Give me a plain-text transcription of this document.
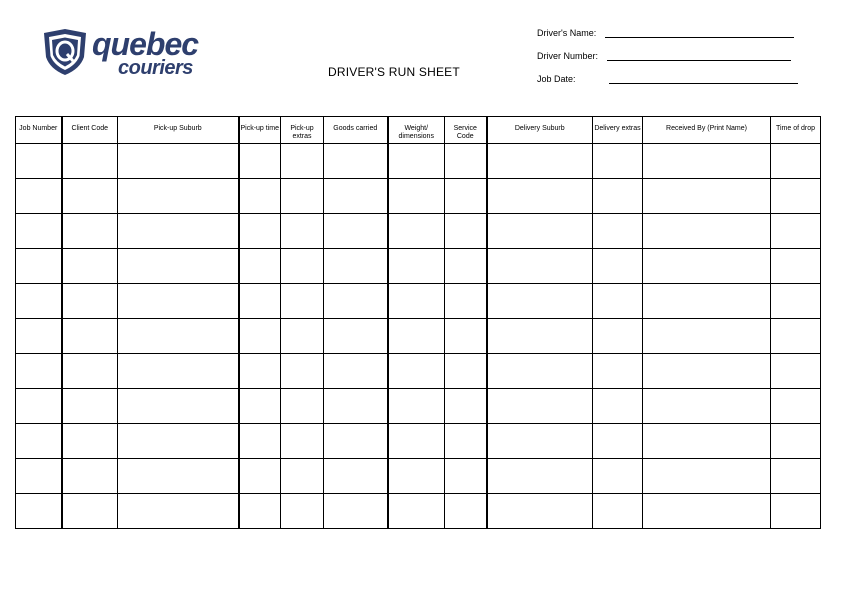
quebec
couriers	DRIVER'S RUN SHEET
Driver's Name:
Driver Number:
Job Date:
Job Number	Client Code	Pick-up Suburb	Pick-up time	Pick-up extras	Goods carried	Weight/ dimensions	Service Code	Delivery Suburb	Delivery extras	Received By (Print Name)	Time of drop
